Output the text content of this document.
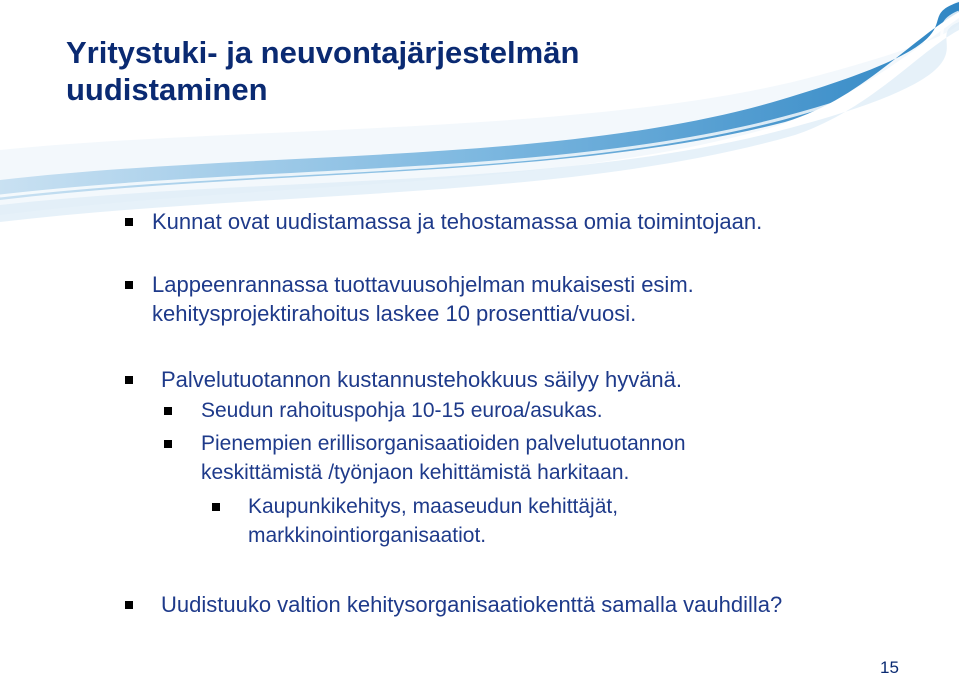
Yritystuki- ja neuvontajärjestelmän
uudistaminen
Kunnat ovat uudistamassa ja tehostamassa omia toimintojaan.
Lappeenrannassa tuottavuusohjelman mukaisesti esim.
kehitysprojektirahoitus laskee 10 prosenttia/vuosi.
Palvelutuotannon kustannustehokkuus säilyy hyvänä.
Seudun rahoituspohja 10-15 euroa/asukas.
Pienempien erillisorganisaatioiden palvelutuotannon
keskittämistä /työnjaon kehittämistä harkitaan.
Kaupunkikehitys, maaseudun kehittäjät,
markkinointiorganisaatiot.
Uudistuuko valtion kehitysorganisaatiokenttä samalla vauhdilla?
15
